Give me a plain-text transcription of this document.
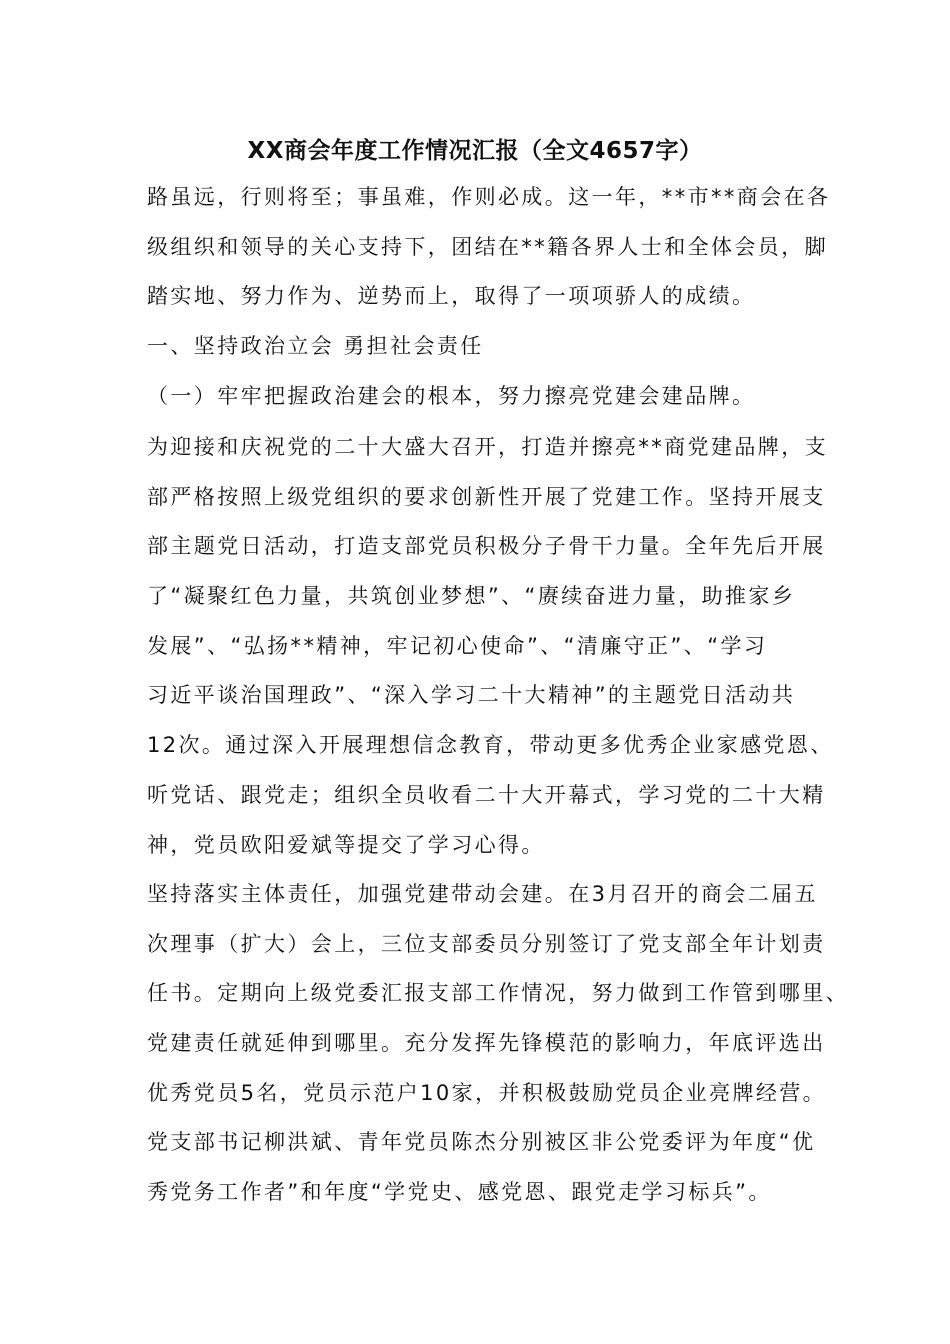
XX商会年度工作情况汇报（全文4657字）
路虽远，行则将至；事虽难，作则必成。这一年，**市**商会在各
级组织和领导的关心支持下，团结在**籍各界人士和全体会员，脚
踏实地、努力作为、逆势而上，取得了一项项骄人的成绩。
一、坚持政治立会 勇担社会责任
（一）牢牢把握政治建会的根本，努力擦亮党建会建品牌。
为迎接和庆祝党的二十大盛大召开，打造并擦亮**商党建品牌，支
部严格按照上级党组织的要求创新性开展了党建工作。坚持开展支
部主题党日活动，打造支部党员积极分子骨干力量。全年先后开展
了“凝聚红色力量，共筑创业梦想”、“赓续奋进力量，助推家乡
发展”、“弘扬**精神，牢记初心使命”、“清廉守正”、“学习
习近平谈治国理政”、“深入学习二十大精神”的主题党日活动共
12次。通过深入开展理想信念教育，带动更多优秀企业家感党恩、
听党话、跟党走；组织全员收看二十大开幕式，学习党的二十大精
神，党员欧阳爱斌等提交了学习心得。
坚持落实主体责任，加强党建带动会建。在3月召开的商会二届五
次理事（扩大）会上，三位支部委员分别签订了党支部全年计划责
任书。定期向上级党委汇报支部工作情况，努力做到工作管到哪里、
党建责任就延伸到哪里。充分发挥先锋模范的影响力，年底评选出
优秀党员5名，党员示范户10家，并积极鼓励党员企业亮牌经营。
党支部书记柳洪斌、青年党员陈杰分别被区非公党委评为年度“优
秀党务工作者”和年度“学党史、感党恩、跟党走学习标兵”。
